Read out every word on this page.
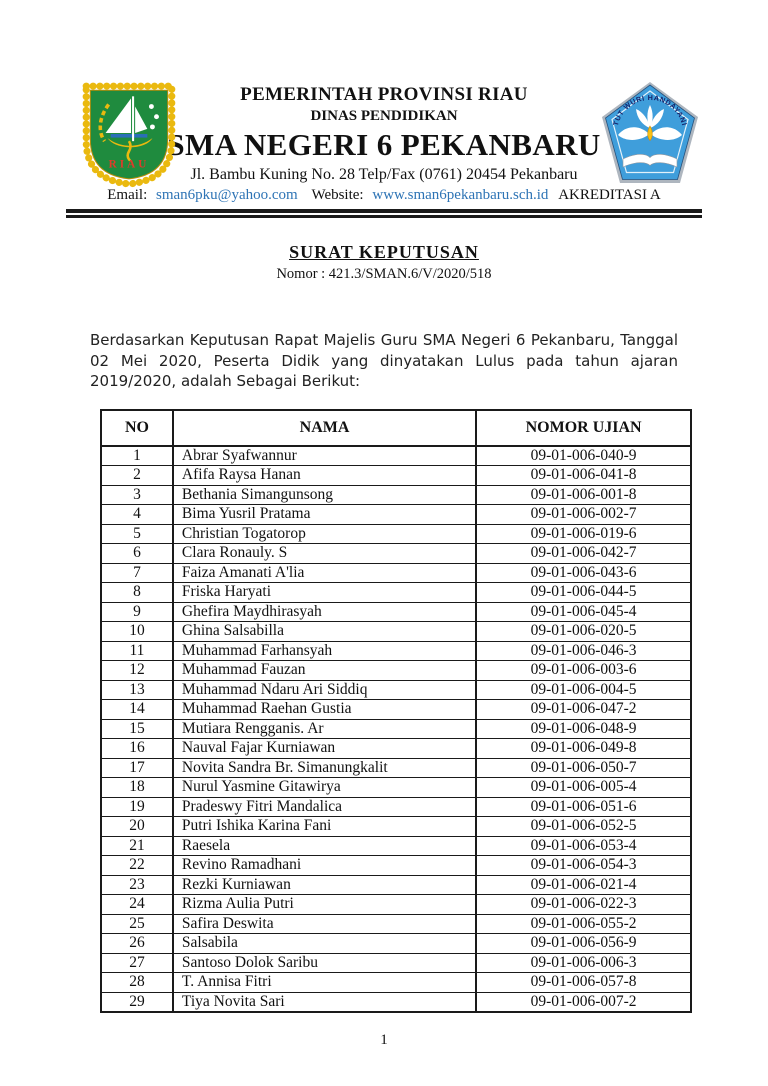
RIAU
TUT WURI HANDAYANI
PEMERINTAH PROVINSI RIAU
DINAS PENDIDIKAN
SMA NEGERI 6 PEKANBARU
Jl. Bambu Kuning No. 28 Telp/Fax (0761) 20454 Pekanbaru
Email: sman6pku@yahoo.com Website: www.sman6pekanbaru.sch.id AKREDITASI A
SURAT KEPUTUSAN
Nomor : 421.3/SMAN.6/V/2020/518

Berdasarkan Keputusan Rapat Majelis Guru SMA Negeri 6 Pekanbaru, Tanggal 02 Mei 2020, Peserta Didik yang dinyatakan Lulus pada tahun ajaran 2019/2020, adalah Sebagai Berikut:

NO	NAMA	NOMOR UJIAN
1	Abrar Syafwannur	09-01-006-040-9
2	Afifa Raysa Hanan	09-01-006-041-8
3	Bethania Simangunsong	09-01-006-001-8
4	Bima Yusril Pratama	09-01-006-002-7
5	Christian Togatorop	09-01-006-019-6
6	Clara Ronauly. S	09-01-006-042-7
7	Faiza Amanati A'lia	09-01-006-043-6
8	Friska Haryati	09-01-006-044-5
9	Ghefira Maydhirasyah	09-01-006-045-4
10	Ghina Salsabilla	09-01-006-020-5
11	Muhammad Farhansyah	09-01-006-046-3
12	Muhammad Fauzan	09-01-006-003-6
13	Muhammad Ndaru Ari Siddiq	09-01-006-004-5
14	Muhammad Raehan Gustia	09-01-006-047-2
15	Mutiara Rengganis. Ar	09-01-006-048-9
16	Nauval Fajar Kurniawan	09-01-006-049-8
17	Novita Sandra Br. Simanungkalit	09-01-006-050-7
18	Nurul Yasmine Gitawirya	09-01-006-005-4
19	Pradeswy Fitri Mandalica	09-01-006-051-6
20	Putri Ishika Karina Fani	09-01-006-052-5
21	Raesela	09-01-006-053-4
22	Revino Ramadhani	09-01-006-054-3
23	Rezki Kurniawan	09-01-006-021-4
24	Rizma Aulia Putri	09-01-006-022-3
25	Safira Deswita	09-01-006-055-2
26	Salsabila	09-01-006-056-9
27	Santoso Dolok Saribu	09-01-006-006-3
28	T. Annisa Fitri	09-01-006-057-8
29	Tiya Novita Sari	09-01-006-007-2
1
